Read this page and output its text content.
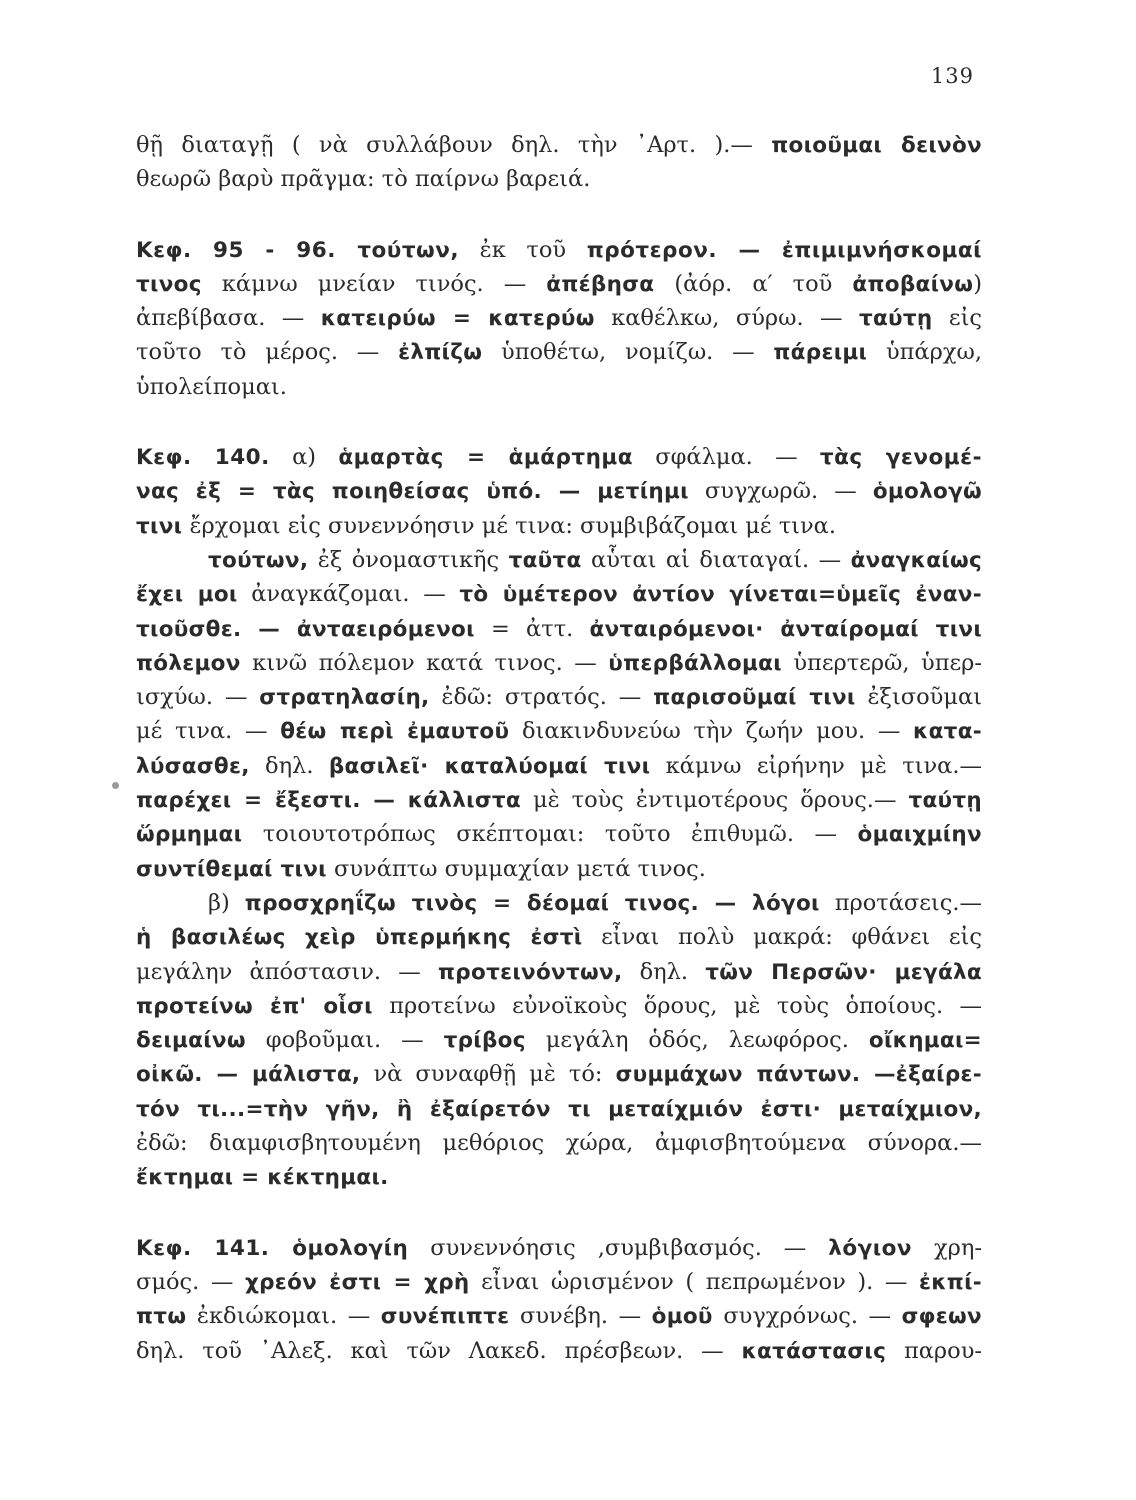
139
θῇ διαταγῇ ( νὰ συλλάβουν δηλ. τὴν ᾿Αρτ. ).— ποιοῦμαι δεινὸν
θεωρῶ βαρὺ πρᾶγμα: τὸ παίρνω βαρειά.
Κεφ. 95 - 96. τούτων, ἐκ τοῦ πρότερον. — ἐπιμιμνήσκομαί
τινος κάμνω μνείαν τινός. — ἀπέβησα (ἀόρ. α′ τοῦ ἀποβαίνω)
ἀπεβίβασα. — κατειρύω = κατερύω καθέλκω, σύρω. — ταύτῃ εἰς
τοῦτο τὸ μέρος. — ἐλπίζω ὑποθέτω, νομίζω. — πάρειμι ὑπάρχω,
ὑπολείπομαι.
Κεφ. 140. α) ἁμαρτὰς = ἁμάρτημα σφάλμα. — τὰς γενομέ-
νας ἐξ = τὰς ποιηθείσας ὑπό. — μετίημι συγχωρῶ. — ὁμολογῶ
τινι ἔρχομαι εἰς συνεννόησιν μέ τινα: συμβιβάζομαι μέ τινα.
τούτων, ἐξ ὀνομαστικῆς ταῦτα αὗται αἱ διαταγαί. — ἀναγκαίως
ἔχει μοι ἀναγκάζομαι. — τὸ ὑμέτερον ἀντίον γίνεται=ὑμεῖς ἐναν-
τιοῦσθε. — ἀνταειρόμενοι = ἀττ. ἀνταιρόμενοι· ἀνταίρομαί τινι
πόλεμον κινῶ πόλεμον κατά τινος. — ὑπερβάλλομαι ὑπερτερῶ, ὑπερ-
ισχύω. — στρατηλασίη, ἐδῶ: στρατός. — παρισοῦμαί τινι ἐξισοῦμαι
μέ τινα. — θέω περὶ ἐμαυτοῦ διακινδυνεύω τὴν ζωήν μου. — κατα-
λύσασθε, δηλ. βασιλεῖ· καταλύομαί τινι κάμνω εἰρήνην μὲ τινα.—
παρέχει = ἔξεστι. — κάλλιστα μὲ τοὺς ἐντιμοτέρους ὅρους.— ταύτῃ
ὥρμημαι τοιουτοτρόπως σκέπτομαι: τοῦτο ἐπιθυμῶ. — ὁμαιχμίην
συντίθεμαί τινι συνάπτω συμμαχίαν μετά τινος.
β) προσχρηΐζω τινὸς = δέομαί τινος. — λόγοι προτάσεις.—
ἡ βασιλέως χεὶρ ὑπερμήκης ἐστὶ εἶναι πολὺ μακρά: φθάνει εἰς
μεγάλην ἀπόστασιν. — προτεινόντων, δηλ. τῶν Περσῶν· μεγάλα
προτείνω ἐπ' οἷσι προτείνω εὐνοϊκοὺς ὅρους, μὲ τοὺς ὁποίους. —
δειμαίνω φοβοῦμαι. — τρίβος μεγάλη ὁδός, λεωφόρος. οἴκημαι=
οἰκῶ. — μάλιστα, νὰ συναφθῇ μὲ τό: συμμάχων πάντων. —ἐξαίρε-
τόν τι...=τὴν γῆν, ἢ ἐξαίρετόν τι μεταίχμιόν ἐστι· μεταίχμιον,
ἐδῶ: διαμφισβητουμένη μεθόριος χώρα, ἀμφισβητούμενα σύνορα.—
ἔκτημαι = κέκτημαι.
Κεφ. 141. ὁμολογίη συνεννόησις ,συμβιβασμός. — λόγιον χρη-
σμός. — χρεόν ἐστι = χρὴ εἶναι ὡρισμένον ( πεπρωμένον ). — ἐκπί-
πτω ἐκδιώκομαι. — συνέπιπτε συνέβη. — ὁμοῦ συγχρόνως. — σφεων
δηλ. τοῦ ᾿Αλεξ. καὶ τῶν Λακεδ. πρέσβεων. — κατάστασις παρου-
